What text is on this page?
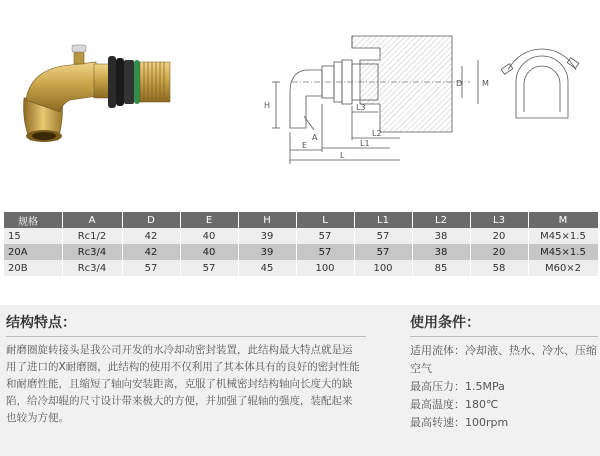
H
D M
A
E
L
L1
L2
L3
规格	A	D	E	H	L	L1	L2	L3	M
15	Rc1/2	42	40	39	57	57	38	20	M45×1.5
20A	Rc3/4	42	40	39	57	57	38	20	M45×1.5
20B	Rc3/4	57	57	45	100	100	85	58	M60×2
结构特点：

耐磨圈旋转接头是我公司开发的水冷却动密封装置，此结构最大特点就是运用了进口的X耐磨圈，此结构的使用不仅利用了其本体具有的良好的密封性能和耐磨性能，且缩短了轴向安装距离，克服了机械密封结构轴向长度大的缺陷，给冷却辊的尺寸设计带来极大的方便，并加强了辊轴的强度，装配起来也较为方便。

使用条件：
适用流体：冷却液、热水、冷水、压缩空气
最高压力：1.5MPa
最高温度：180℃
最高转速：100rpm
